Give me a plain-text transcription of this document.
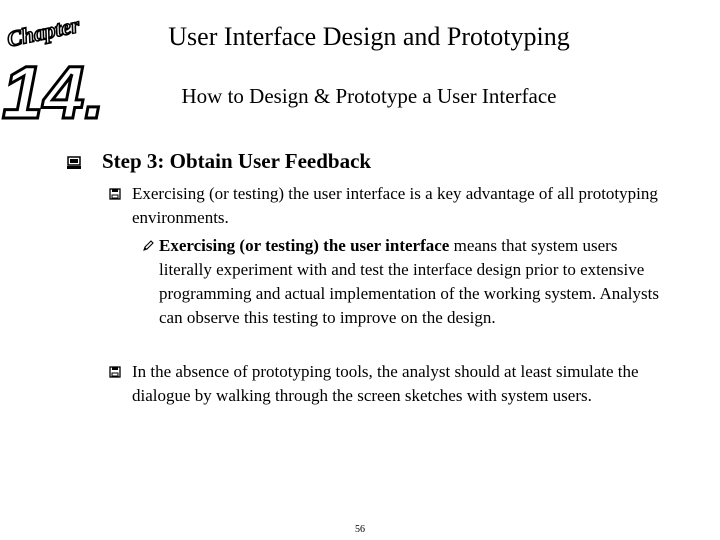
Chapter
14.
User Interface Design and Prototyping
How to Design & Prototype a User Interface
Step 3: Obtain User Feedback
Exercising (or testing) the user interface is a key advantage of all prototyping environments.
Exercising (or testing) the user interface means that system users literally experiment with and test the interface design prior to extensive programming and actual implementation of the working system. Analysts can observe this testing to improve on the design.
In the absence of prototyping tools, the analyst should at least simulate the dialogue by walking through the screen sketches with system users.
56
